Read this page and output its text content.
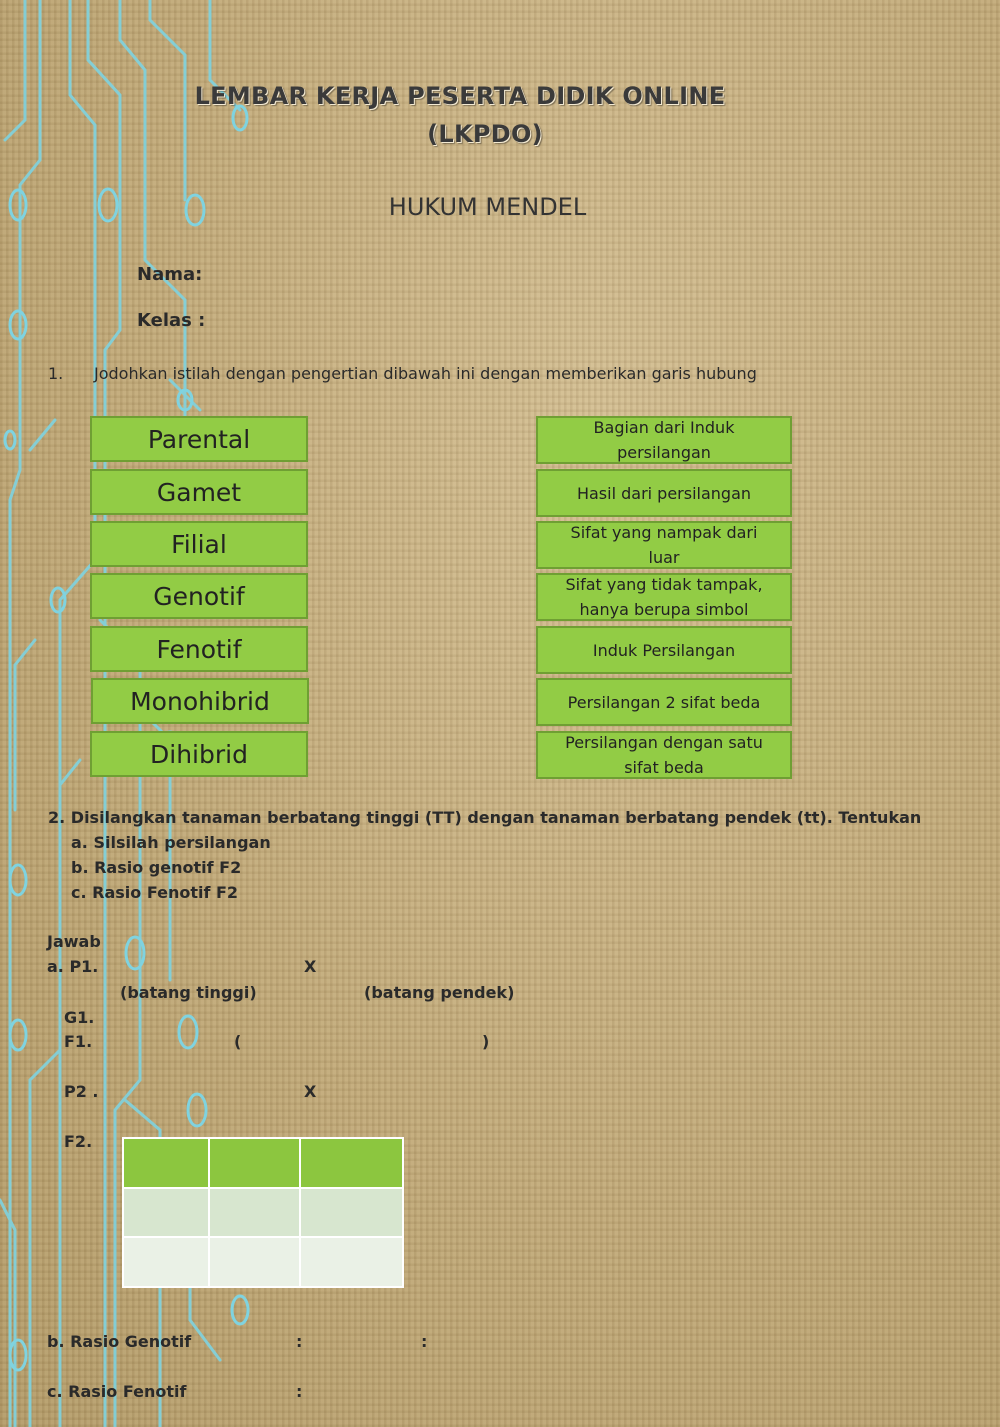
LEMBAR KERJA PESERTA DIDIK ONLINE
(LKPDO)
HUKUM MENDEL
Nama:
Kelas :
1. Jodohkan istilah dengan pengertian dibawah ini dengan memberikan garis hubung
Parental
Gamet
Filial
Genotif
Fenotif
Monohibrid
Dihibrid
Bagian dari Induk persilangan
Hasil dari persilangan
Sifat yang nampak dari luar
Sifat yang tidak tampak, hanya berupa simbol
Induk Persilangan
Persilangan 2 sifat beda
Persilangan dengan satu sifat beda
2. Disilangkan tanaman berbatang tinggi (TT) dengan tanaman berbatang pendek (tt). Tentukan
a. Silsilah persilangan
b. Rasio genotif F2
c. Rasio Fenotif F2
Jawab
a. P1.	X
(batang tinggi)	(batang pendek)
G1.
F1.	(	)
P2 .	X
F2.

b. Rasio Genotif	:	:
c. Rasio Fenotif	:
